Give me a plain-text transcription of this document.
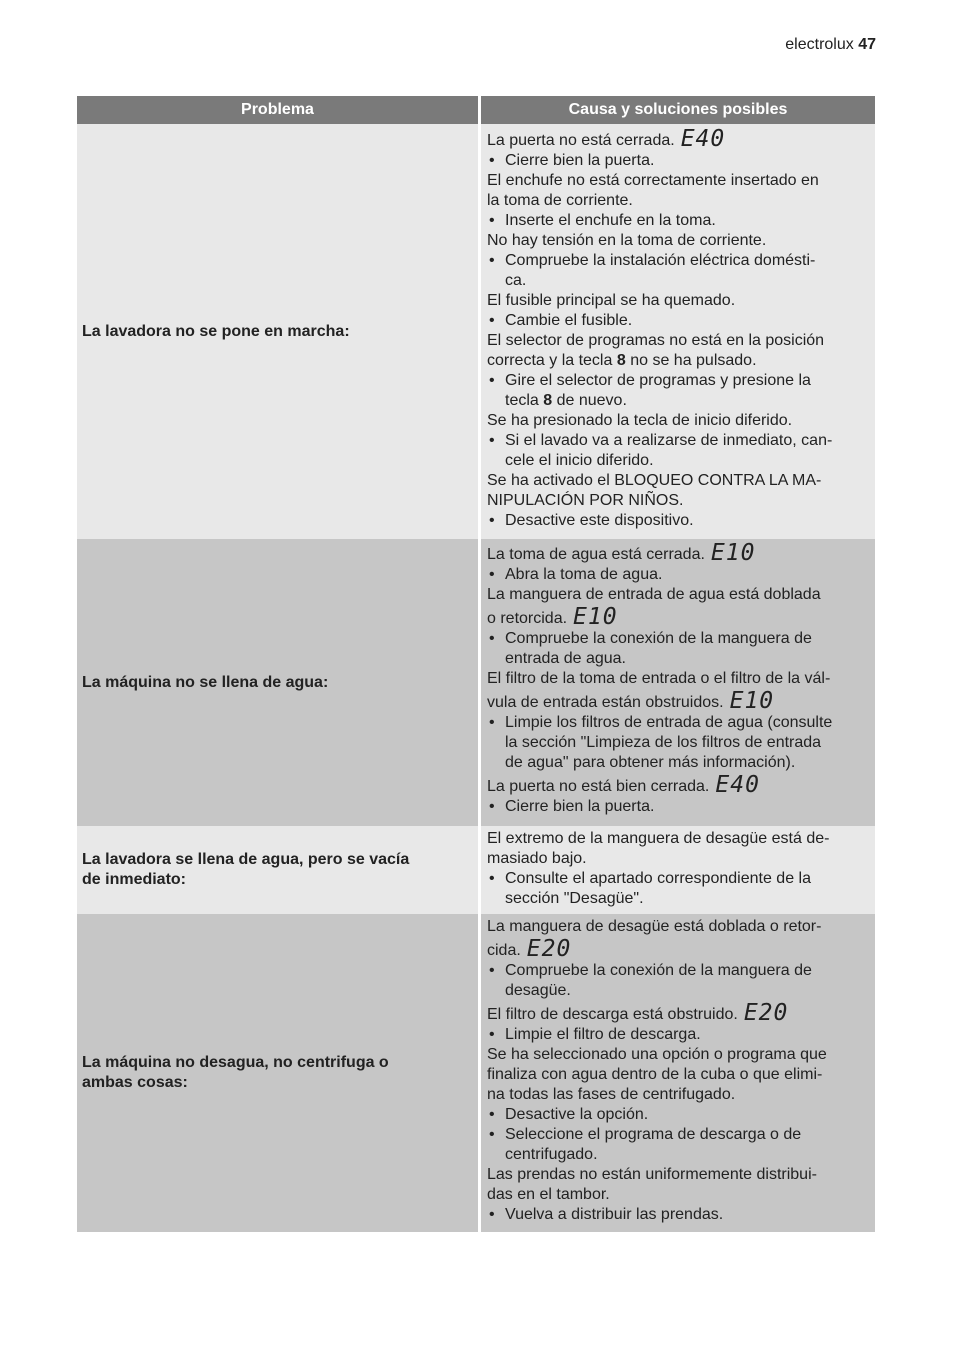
electrolux 47
Problema	Causa y soluciones posibles
La lavadora no se pone en marcha:
La puerta no está cerrada. E40
• Cierre bien la puerta.
El enchufe no está correctamente insertado en
la toma de corriente.
• Inserte el enchufe en la toma.
No hay tensión en la toma de corriente.
• Compruebe la instalación eléctrica domésti-
ca.
El fusible principal se ha quemado.
• Cambie el fusible.
El selector de programas no está en la posición
correcta y la tecla 8 no se ha pulsado.
• Gire el selector de programas y presione la
tecla 8 de nuevo.
Se ha presionado la tecla de inicio diferido.
• Si el lavado va a realizarse de inmediato, can-
cele el inicio diferido.
Se ha activado el BLOQUEO CONTRA LA MA-
NIPULACIÓN POR NIÑOS.
• Desactive este dispositivo.
La máquina no se llena de agua:
La toma de agua está cerrada. E10
• Abra la toma de agua.
La manguera de entrada de agua está doblada
o retorcida. E10
• Compruebe la conexión de la manguera de
entrada de agua.
El filtro de la toma de entrada o el filtro de la vál-
vula de entrada están obstruidos. E10
• Limpie los filtros de entrada de agua (consulte
la sección "Limpieza de los filtros de entrada
de agua" para obtener más información).
La puerta no está bien cerrada. E40
• Cierre bien la puerta.
La lavadora se llena de agua, pero se vacía
de inmediato:
El extremo de la manguera de desagüe está de-
masiado bajo.
• Consulte el apartado correspondiente de la
sección "Desagüe".
La máquina no desagua, no centrifuga o
ambas cosas:
La manguera de desagüe está doblada o retor-
cida. E20
• Compruebe la conexión de la manguera de
desagüe.
El filtro de descarga está obstruido. E20
• Limpie el filtro de descarga.
Se ha seleccionado una opción o programa que
finaliza con agua dentro de la cuba o que elimi-
na todas las fases de centrifugado.
• Desactive la opción.
• Seleccione el programa de descarga o de
centrifugado.
Las prendas no están uniformemente distribui-
das en el tambor.
• Vuelva a distribuir las prendas.
